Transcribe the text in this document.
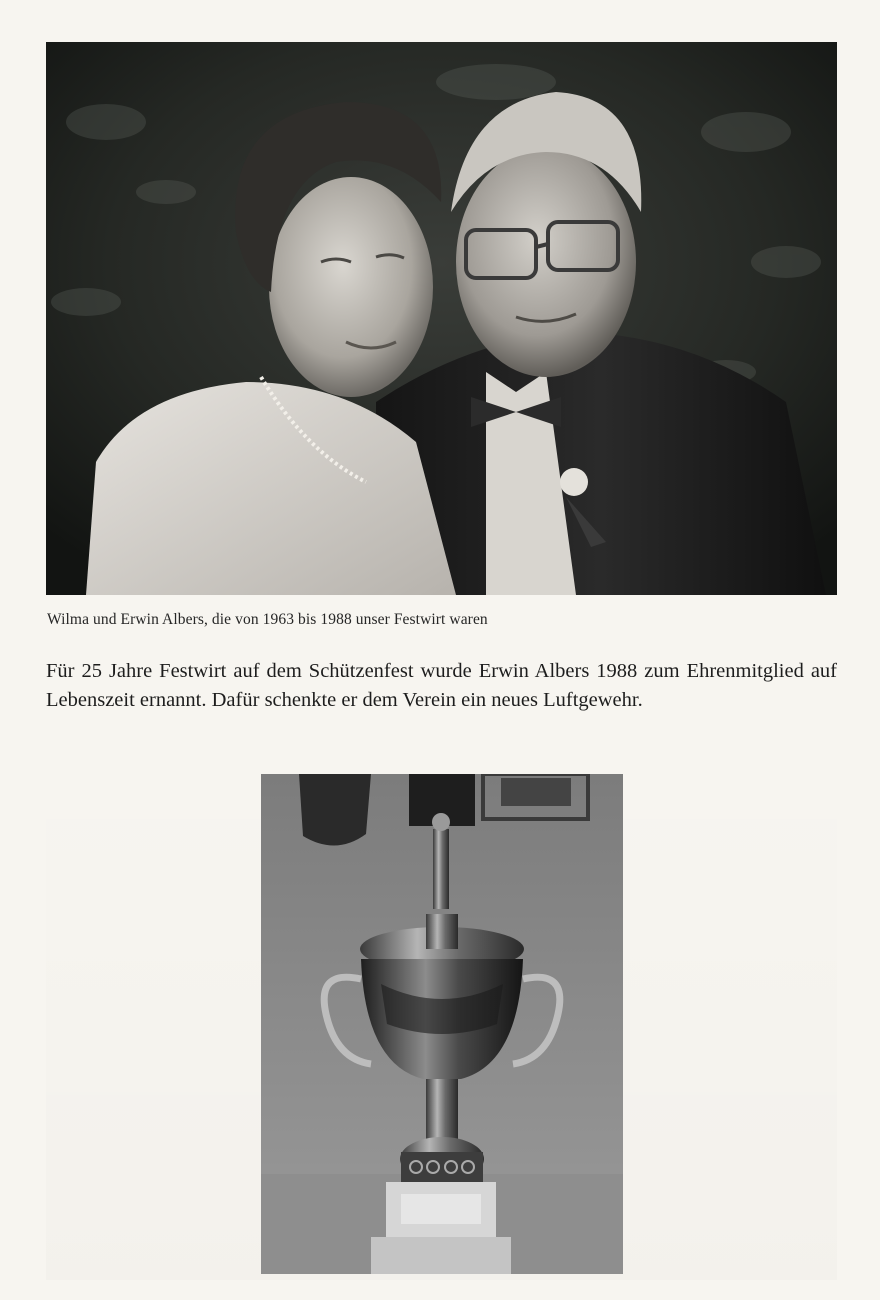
Wilma und Erwin Albers, die von 1963 bis 1988 unser Festwirt waren

Für 25 Jahre Festwirt auf dem Schützenfest wurde Erwin Albers 1988 zum Ehrenmitglied auf Lebenszeit ernannt. Dafür schenkte er dem Verein ein neues Luftgewehr.
